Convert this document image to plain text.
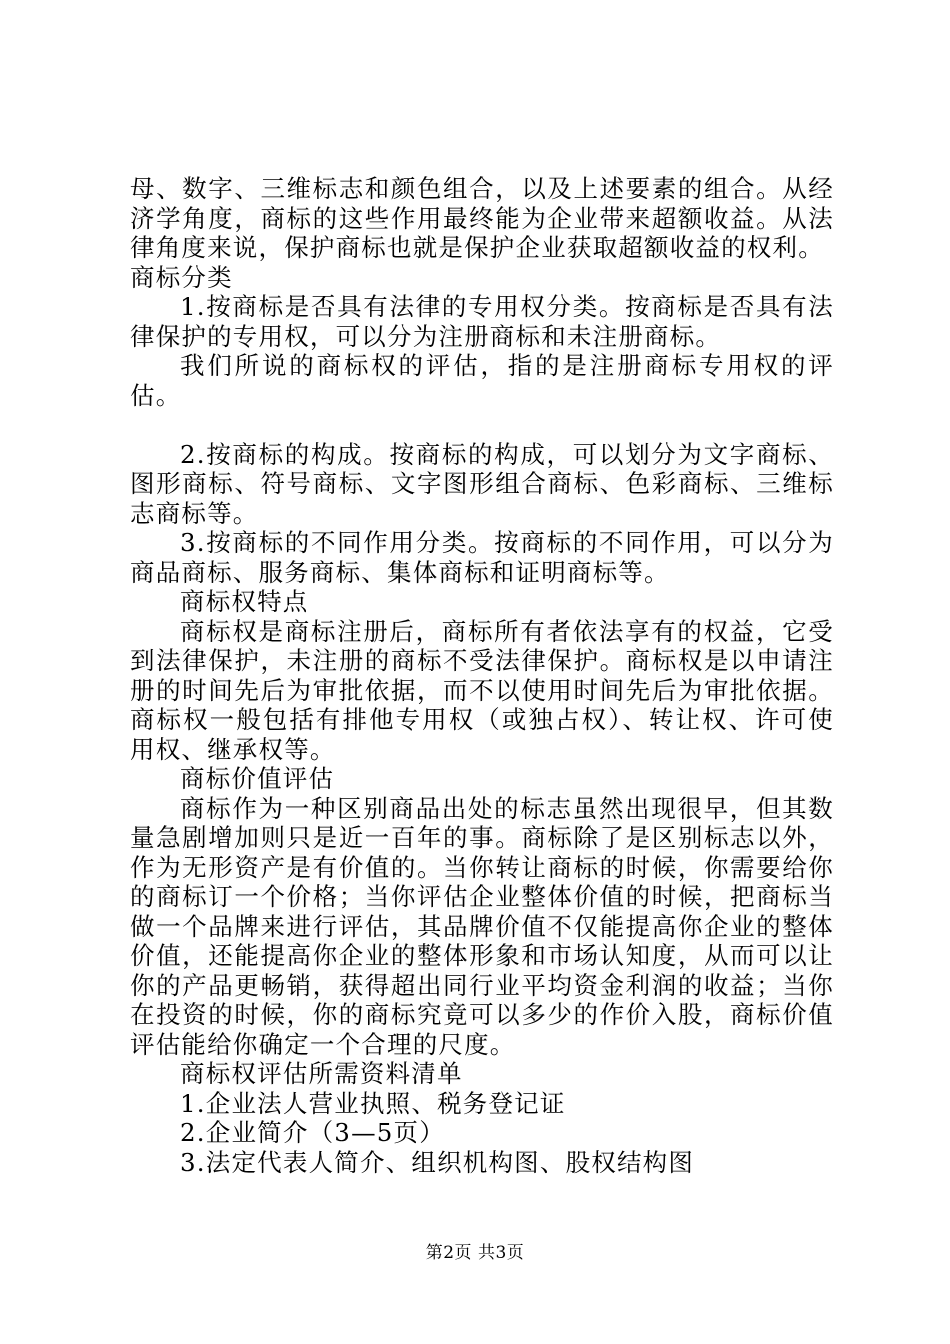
母、数字、三维标志和颜色组合，以及上述要素的组合。从经济学角度，商标的这些作用最终能为企业带来超额收益。从法律角度来说，保护商标也就是保护企业获取超额收益的权利。

商标分类

1.按商标是否具有法律的专用权分类。按商标是否具有法律保护的专用权，可以分为注册商标和未注册商标。

我们所说的商标权的评估，指的是注册商标专用权的评估。

2.按商标的构成。按商标的构成，可以划分为文字商标、图形商标、符号商标、文字图形组合商标、色彩商标、三维标志商标等。

3.按商标的不同作用分类。按商标的不同作用，可以分为商品商标、服务商标、集体商标和证明商标等。

商标权特点

商标权是商标注册后，商标所有者依法享有的权益，它受到法律保护，未注册的商标不受法律保护。商标权是以申请注册的时间先后为审批依据，而不以使用时间先后为审批依据。商标权一般包括有排他专用权（或独占权）、转让权、许可使用权、继承权等。

商标价值评估

商标作为一种区别商品出处的标志虽然出现很早，但其数量急剧增加则只是近一百年的事。商标除了是区别标志以外，作为无形资产是有价值的。当你转让商标的时候，你需要给你的商标订一个价格；当你评估企业整体价值的时候，把商标当做一个品牌来进行评估，其品牌价值不仅能提高你企业的整体价值，还能提高你企业的整体形象和市场认知度，从而可以让你的产品更畅销，获得超出同行业平均资金利润的收益；当你在投资的时候，你的商标究竟可以多少的作价入股，商标价值评估能给你确定一个合理的尺度。

商标权评估所需资料清单

1.企业法人营业执照、税务登记证

2.企业简介（3—5页）

3.法定代表人简介、组织机构图、股权结构图

第2页 共3页
